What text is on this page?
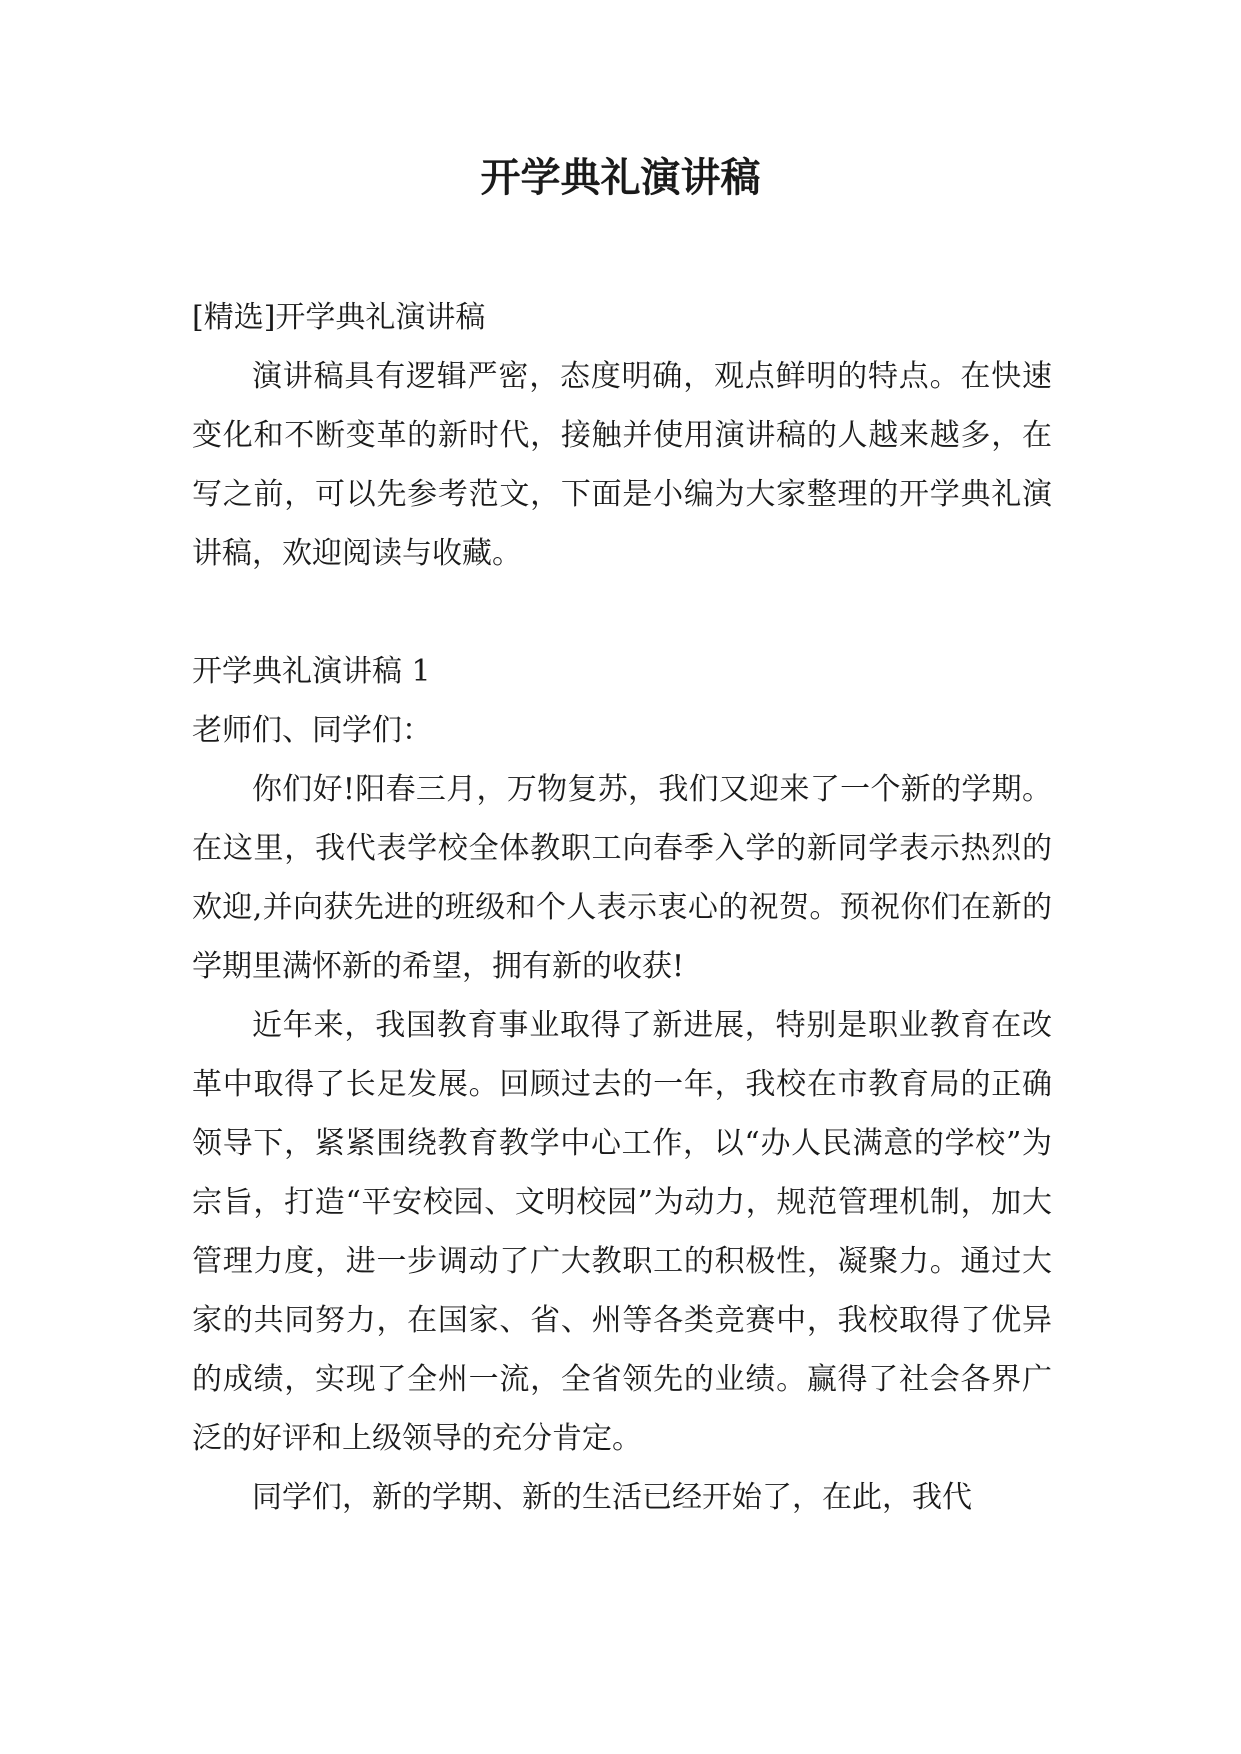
开学典礼演讲稿

[精选]开学典礼演讲稿

演讲稿具有逻辑严密，态度明确，观点鲜明的特点。在快速变化和不断变革的新时代，接触并使用演讲稿的人越来越多，在写之前，可以先参考范文，下面是小编为大家整理的开学典礼演讲稿，欢迎阅读与收藏。

开学典礼演讲稿 1

老师们、同学们：

你们好!阳春三月，万物复苏，我们又迎来了一个新的学期。在这里，我代表学校全体教职工向春季入学的新同学表示热烈的欢迎,并向获先进的班级和个人表示衷心的祝贺。预祝你们在新的学期里满怀新的希望，拥有新的收获!

近年来，我国教育事业取得了新进展，特别是职业教育在改革中取得了长足发展。回顾过去的一年，我校在市教育局的正确领导下，紧紧围绕教育教学中心工作，以“办人民满意的学校”为宗旨，打造“平安校园、文明校园”为动力，规范管理机制，加大管理力度，进一步调动了广大教职工的积极性，凝聚力。通过大家的共同努力，在国家、省、州等各类竞赛中，我校取得了优异的成绩，实现了全州一流，全省领先的业绩。赢得了社会各界广泛的好评和上级领导的充分肯定。

同学们，新的学期、新的生活已经开始了，在此，我代
